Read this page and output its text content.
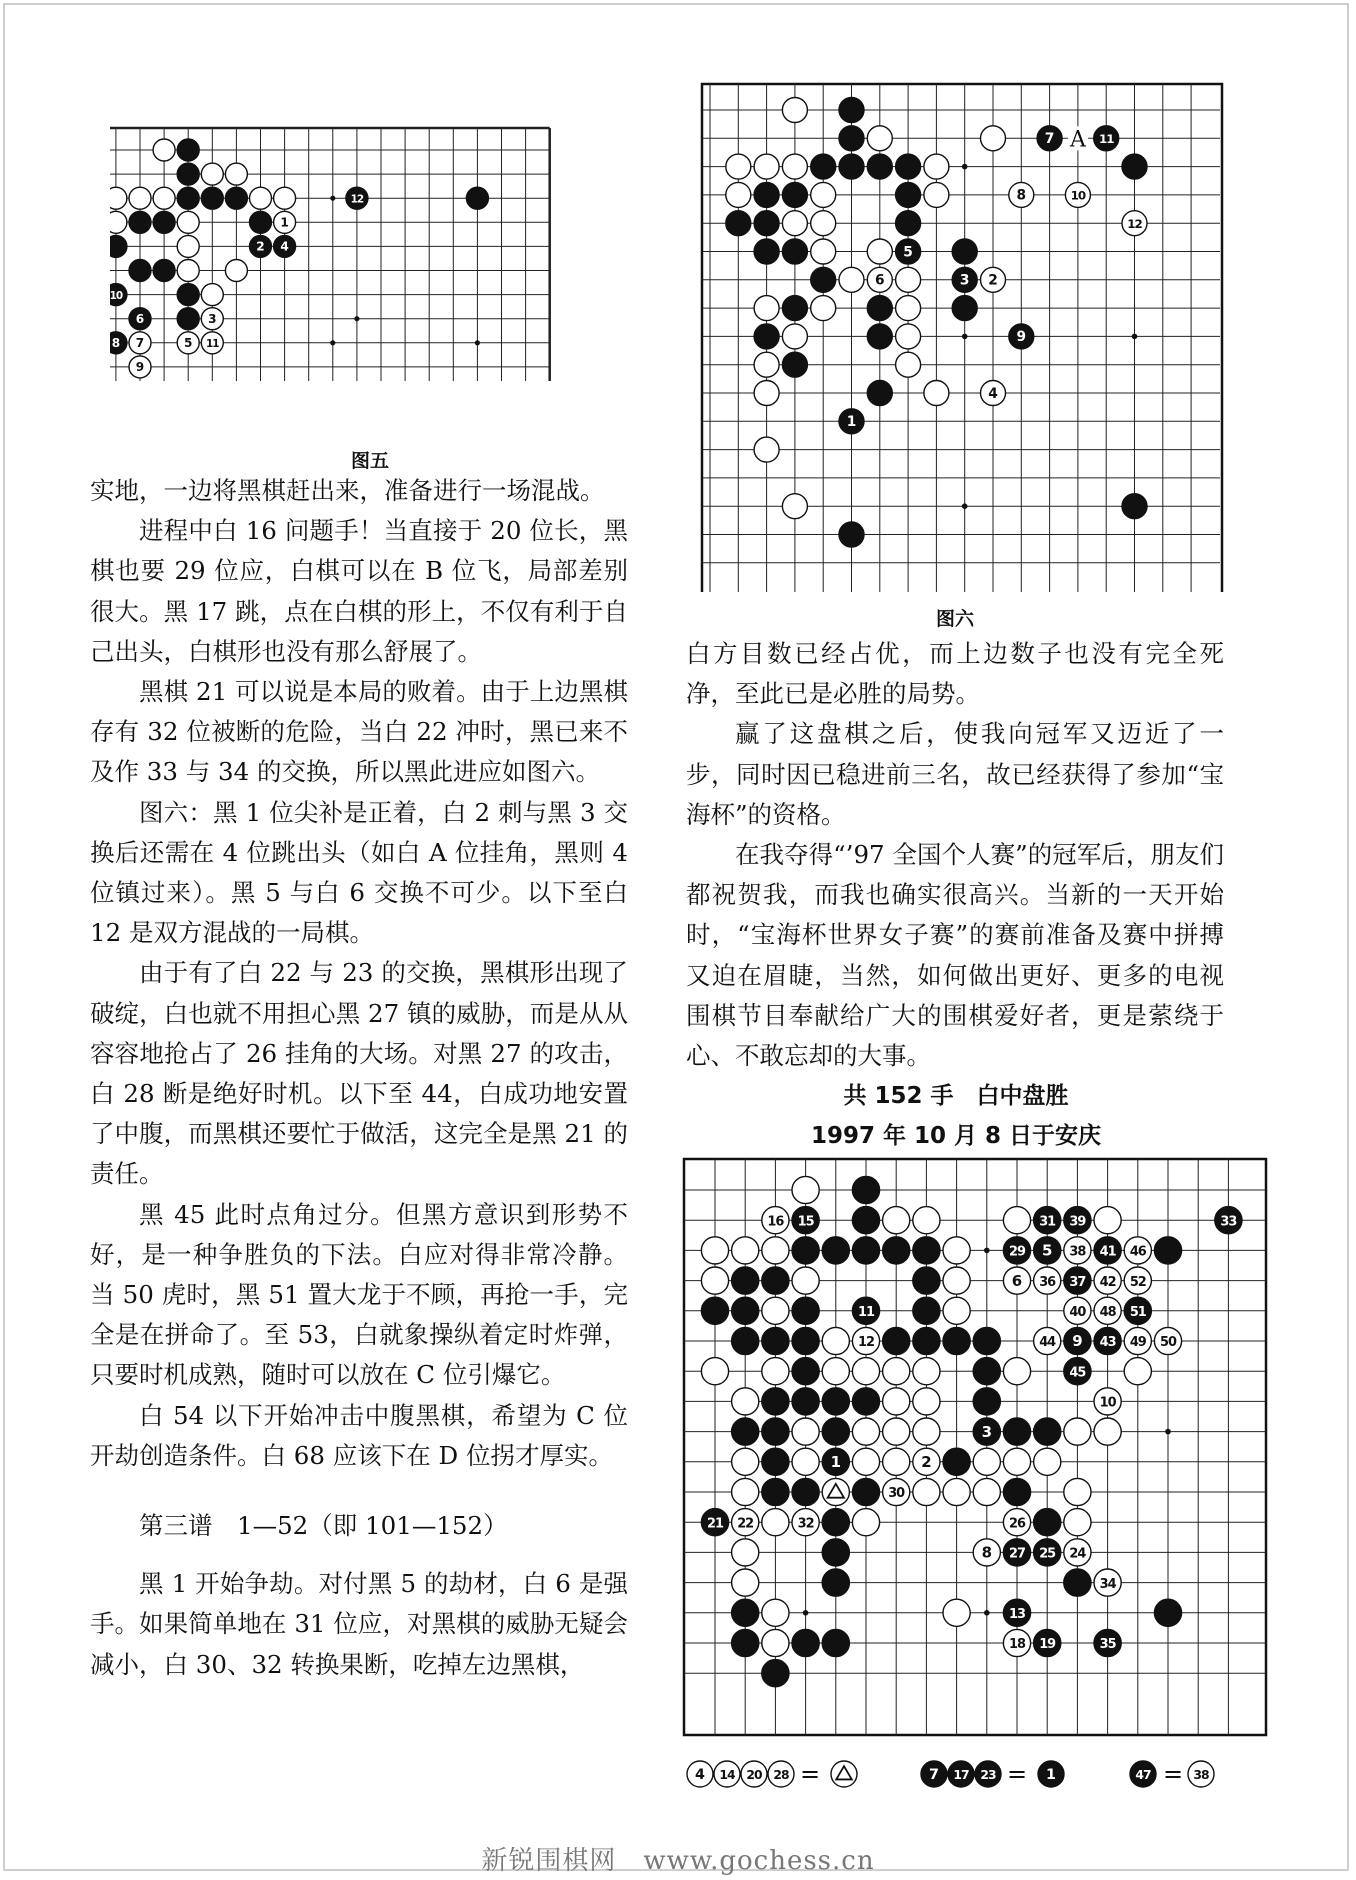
12
1
2 4
10
6	3
8 7	5 11
9
图五
7	11
8	10
12
5
6	3 2
9
4
1
A
图六

实地，一边将黑棋赶出来，准备进行一场混战。

进程中白 16 问题手！当直接于 20 位长，黑棋也要 29 位应，白棋可以在 B 位飞，局部差别很大。黑 17 跳，点在白棋的形上，不仅有利于自己出头，白棋形也没有那么舒展了。

黑棋 21 可以说是本局的败着。由于上边黑棋存有 32 位被断的危险，当白 22 冲时，黑已来不及作 33 与 34 的交换，所以黑此进应如图六。

图六：黑 1 位尖补是正着，白 2 刺与黑 3 交换后还需在 4 位跳出头（如白 A 位挂角，黑则 4 位镇过来）。黑 5 与白 6 交换不可少。以下至白 12 是双方混战的一局棋。

由于有了白 22 与 23 的交换，黑棋形出现了破绽，白也就不用担心黑 27 镇的威胁，而是从从容容地抢占了 26 挂角的大场。对黑 27 的攻击，白 28 断是绝好时机。以下至 44，白成功地安置了中腹，而黑棋还要忙于做活，这完全是黑 21 的责任。

黑 45 此时点角过分。但黑方意识到形势不好，是一种争胜负的下法。白应对得非常冷静。当 50 虎时，黑 51 置大龙于不顾，再抢一手，完全是在拼命了。至 53，白就象操纵着定时炸弹，只要时机成熟，随时可以放在 C 位引爆它。

白 54 以下开始冲击中腹黑棋，希望为 C 位开劫创造条件。白 68 应该下在 D 位拐才厚实。

第三谱　1—52（即 101—152）

黑 1 开始争劫。对付黑 5 的劫材，白 6 是强手。如果简单地在 31 位应，对黑棋的威胁无疑会减小，白 30、32 转换果断，吃掉左边黑棋，

白方目数已经占优，而上边数子也没有完全死净，至此已是必胜的局势。

赢了这盘棋之后，使我向冠军又迈近了一步，同时因已稳进前三名，故已经获得了参加“宝海杯”的资格。

在我夺得“’97 全国个人赛”的冠军后，朋友们都祝贺我，而我也确实很高兴。当新的一天开始时，“宝海杯世界女子赛”的赛前准备及赛中拼搏又迫在眉睫，当然，如何做出更好、更多的电视围棋节目奉献给广大的围棋爱好者，更是萦绕于心、不敢忘却的大事。

共 152 手　白中盘胜
1997 年 10 月 8 日于安庆
16 15	31 39	33
29 5 38 41 46
6 36 37 42 52
11	40 48 51
12	44 9 43 49 50
45
10
3
1	2
30
21 22	32	26
8 27 25 24
34
13
18 19	35
4 14 20 28 =	7 17 23 = 1	47 = 38
新锐围棋网　www.gochess.cn
